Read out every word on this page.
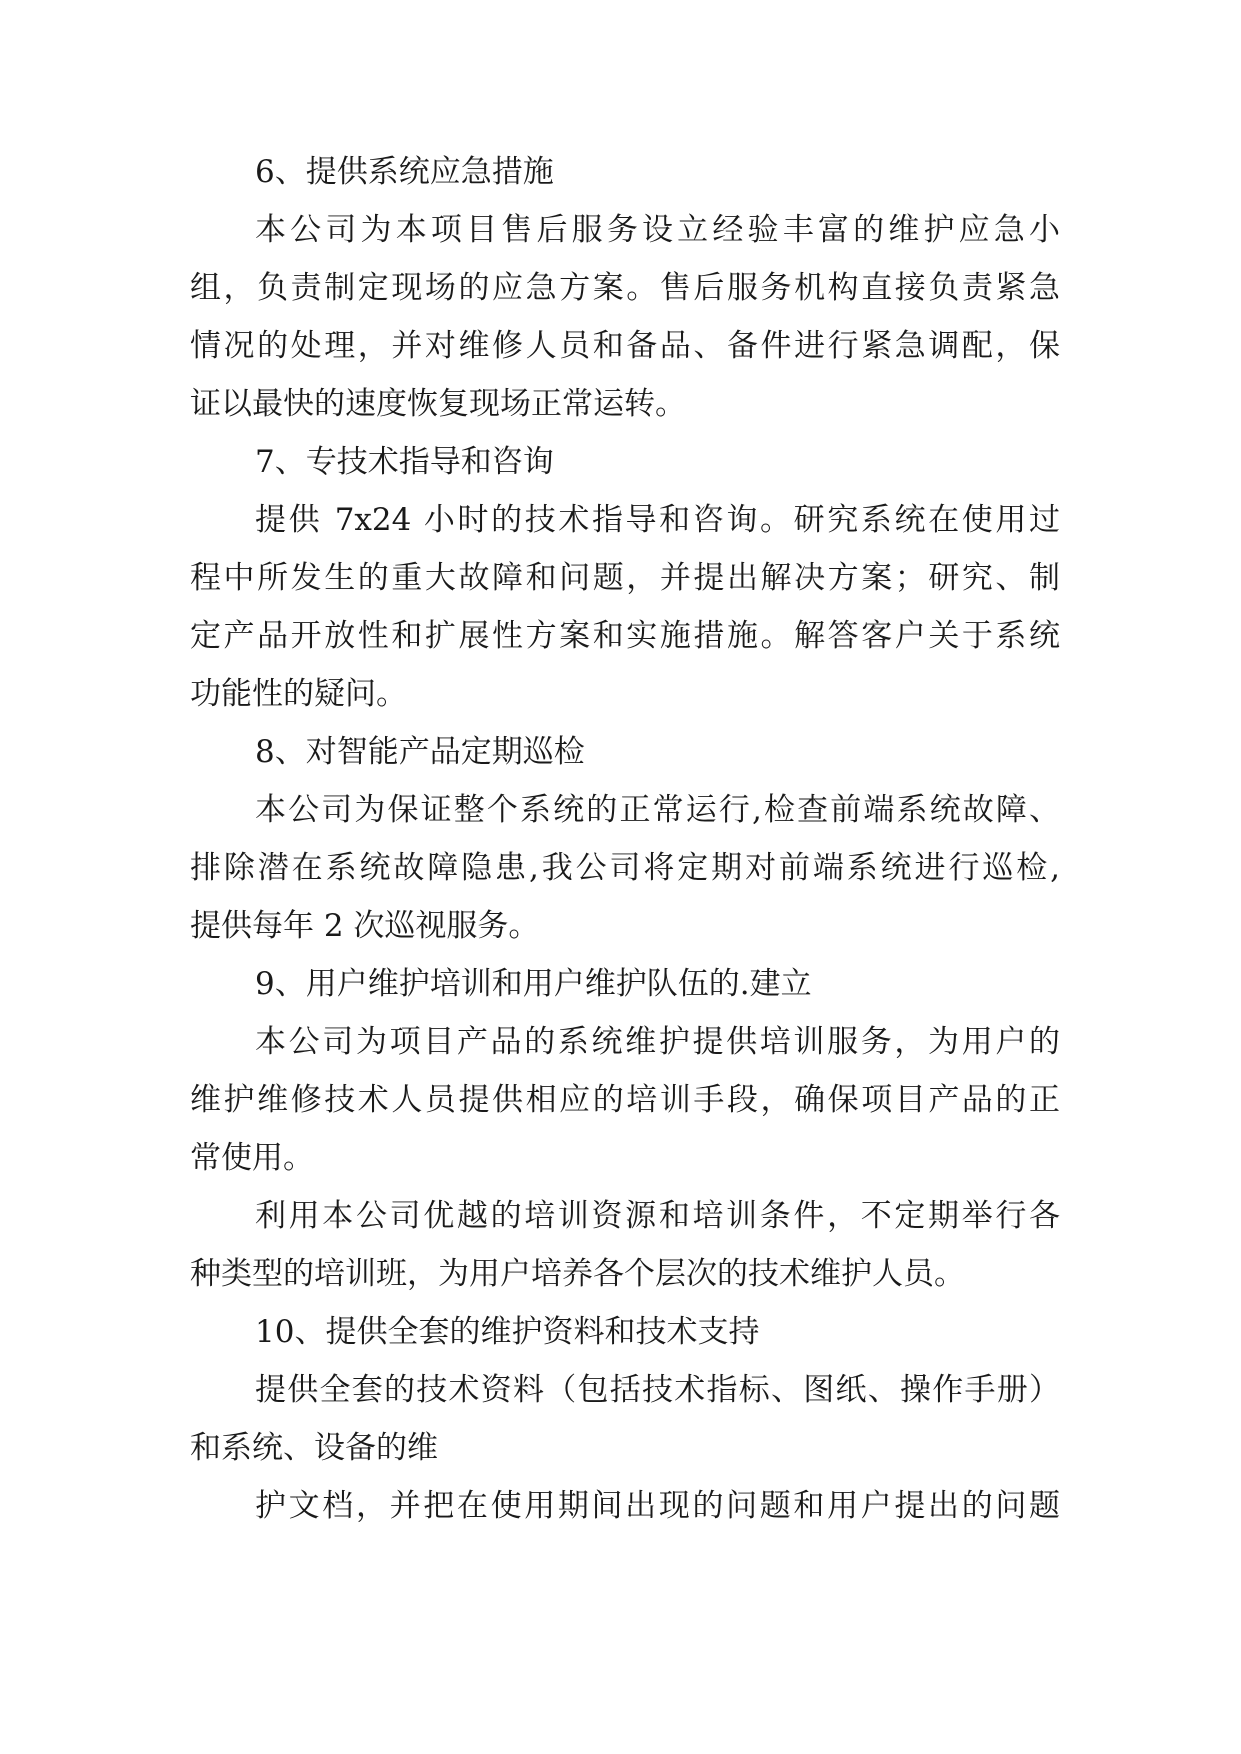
6、提供系统应急措施
本公司为本项目售后服务设立经验丰富的维护应急小
组，负责制定现场的应急方案。售后服务机构直接负责紧急
情况的处理，并对维修人员和备品、备件进行紧急调配，保
证以最快的速度恢复现场正常运转。
7、专技术指导和咨询
提供 7x24 小时的技术指导和咨询。研究系统在使用过
程中所发生的重大故障和问题，并提出解决方案；研究、制
定产品开放性和扩展性方案和实施措施。解答客户关于系统
功能性的疑问。
8、对智能产品定期巡检
本公司为保证整个系统的正常运行,检查前端系统故障、
排除潜在系统故障隐患,我公司将定期对前端系统进行巡检,
提供每年 2 次巡视服务。
9、用户维护培训和用户维护队伍的.建立
本公司为项目产品的系统维护提供培训服务，为用户的
维护维修技术人员提供相应的培训手段，确保项目产品的正
常使用。
利用本公司优越的培训资源和培训条件，不定期举行各
种类型的培训班，为用户培养各个层次的技术维护人员。
10、提供全套的维护资料和技术支持
提供全套的技术资料（包括技术指标、图纸、操作手册）
和系统、设备的维
护文档，并把在使用期间出现的问题和用户提出的问题
